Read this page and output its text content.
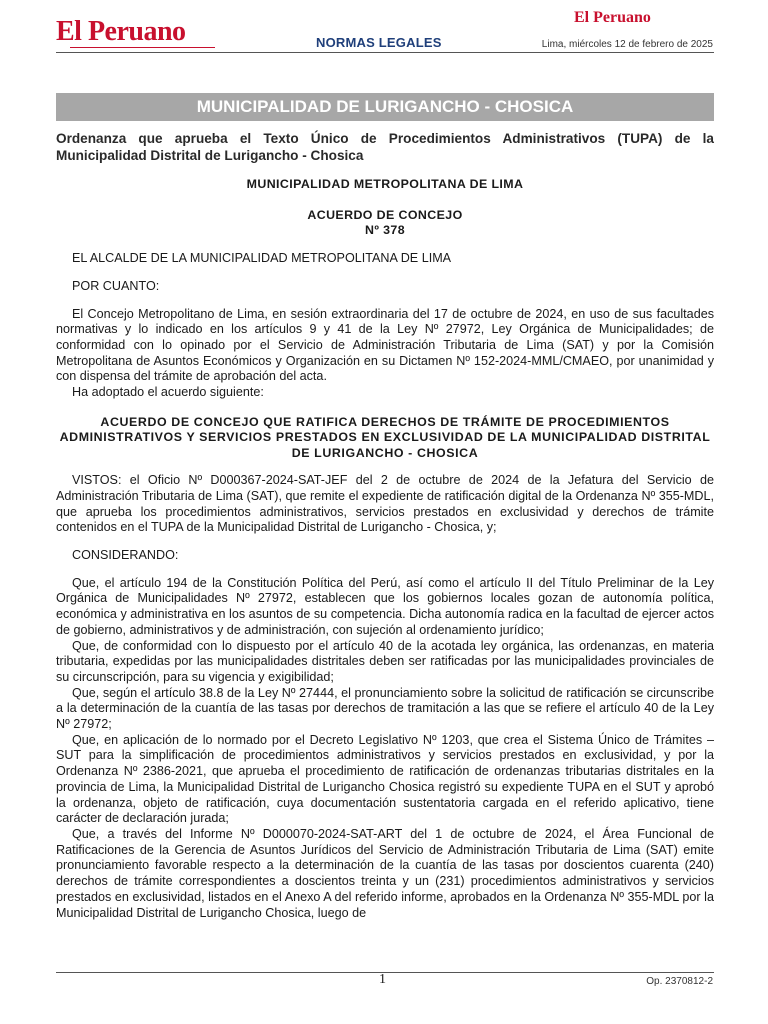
El Peruano	NORMAS LEGALES
El Peruano
Lima, miércoles 12 de febrero de 2025
MUNICIPALIDAD DE LURIGANCHO - CHOSICA

Ordenanza que aprueba el Texto Único de Procedimientos Administrativos (TUPA) de la Municipalidad Distrital de Lurigancho - Chosica

MUNICIPALIDAD METROPOLITANA DE LIMA

ACUERDO DE CONCEJO

Nº 378

EL ALCALDE DE LA MUNICIPALIDAD METROPOLITANA DE LIMA

POR CUANTO:

El Concejo Metropolitano de Lima, en sesión extraordinaria del 17 de octubre de 2024, en uso de sus facultades normativas y lo indicado en los artículos 9 y 41 de la Ley Nº 27972, Ley Orgánica de Municipalidades; de conformidad con lo opinado por el Servicio de Administración Tributaria de Lima (SAT) y por la Comisión Metropolitana de Asuntos Económicos y Organización en su Dictamen Nº 152-2024-MML/CMAEO, por unanimidad y con dispensa del trámite de aprobación del acta.

Ha adoptado el acuerdo siguiente:

ACUERDO DE CONCEJO QUE RATIFICA DERECHOS DE TRÁMITE DE PROCEDIMIENTOS ADMINISTRATIVOS Y SERVICIOS PRESTADOS EN EXCLUSIVIDAD DE LA MUNICIPALIDAD DISTRITAL DE LURIGANCHO - CHOSICA

VISTOS: el Oficio Nº D000367-2024-SAT-JEF del 2 de octubre de 2024 de la Jefatura del Servicio de Administración Tributaria de Lima (SAT), que remite el expediente de ratificación digital de la Ordenanza Nº 355-MDL, que aprueba los procedimientos administrativos, servicios prestados en exclusividad y derechos de trámite contenidos en el TUPA de la Municipalidad Distrital de Lurigancho - Chosica, y;

CONSIDERANDO:

Que, el artículo 194 de la Constitución Política del Perú, así como el artículo II del Título Preliminar de la Ley Orgánica de Municipalidades Nº 27972, establecen que los gobiernos locales gozan de autonomía política, económica y administrativa en los asuntos de su competencia. Dicha autonomía radica en la facultad de ejercer actos de gobierno, administrativos y de administración, con sujeción al ordenamiento jurídico;

Que, de conformidad con lo dispuesto por el artículo 40 de la acotada ley orgánica, las ordenanzas, en materia tributaria, expedidas por las municipalidades distritales deben ser ratificadas por las municipalidades provinciales de su circunscripción, para su vigencia y exigibilidad;

Que, según el artículo 38.8 de la Ley Nº 27444, el pronunciamiento sobre la solicitud de ratificación se circunscribe a la determinación de la cuantía de las tasas por derechos de tramitación a las que se refiere el artículo 40 de la Ley Nº 27972;

Que, en aplicación de lo normado por el Decreto Legislativo Nº 1203, que crea el Sistema Único de Trámites – SUT para la simplificación de procedimientos administrativos y servicios prestados en exclusividad, y por la Ordenanza Nº 2386-2021, que aprueba el procedimiento de ratificación de ordenanzas tributarias distritales en la provincia de Lima, la Municipalidad Distrital de Lurigancho Chosica registró su expediente TUPA en el SUT y aprobó la ordenanza, objeto de ratificación, cuya documentación sustentatoria cargada en el referido aplicativo, tiene carácter de declaración jurada;

Que, a través del Informe Nº D000070-2024-SAT-ART del 1 de octubre de 2024, el Área Funcional de Ratificaciones de la Gerencia de Asuntos Jurídicos del Servicio de Administración Tributaria de Lima (SAT) emite pronunciamiento favorable respecto a la determinación de la cuantía de las tasas por doscientos cuarenta (240) derechos de trámite correspondientes a doscientos treinta y un (231) procedimientos administrativos y servicios prestados en exclusividad, listados en el Anexo A del referido informe, aprobados en la Ordenanza Nº 355-MDL por la Municipalidad Distrital de Lurigancho Chosica, luego de

1	Op. 2370812-2
